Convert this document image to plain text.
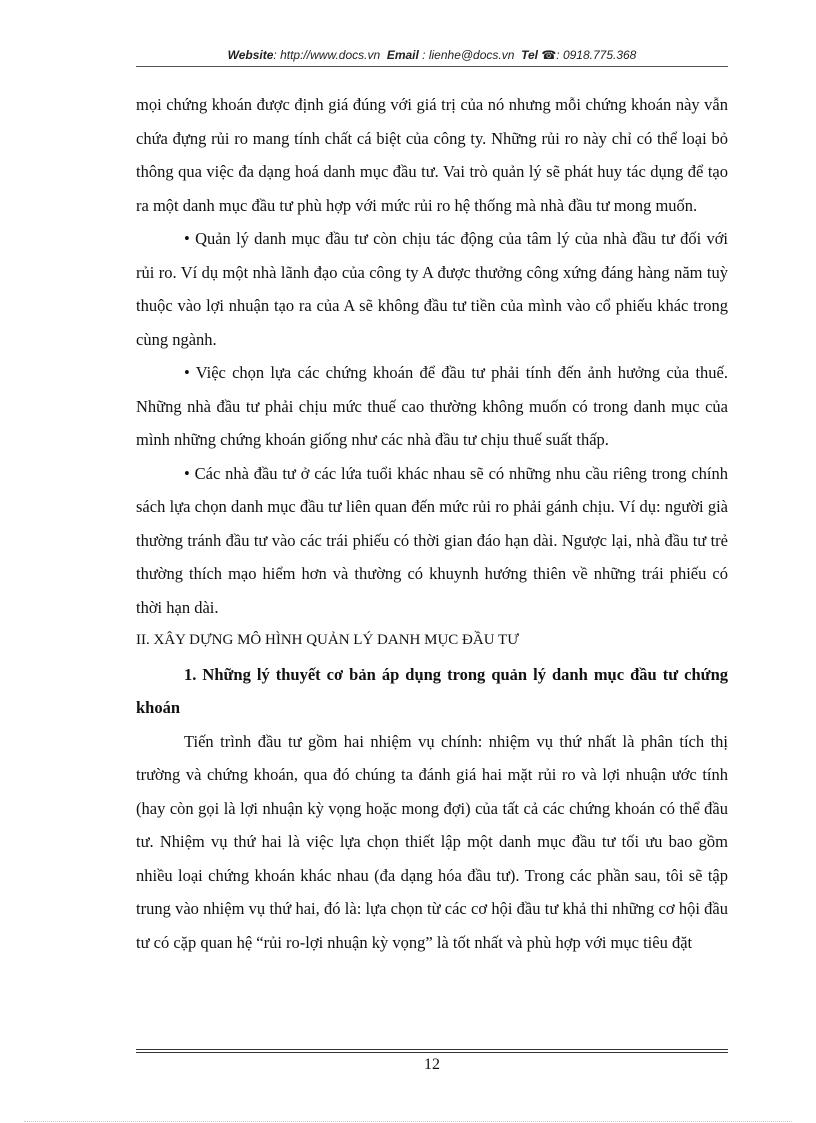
Website: http://www.docs.vn Email : lienhe@docs.vn Tel ☎: 0918.775.368

mọi chứng khoán được định giá đúng với giá trị của nó nhưng mỗi chứng khoán này vẫn chứa đựng rủi ro mang tính chất cá biệt của công ty. Những rủi ro này chỉ có thể loại bỏ thông qua việc đa dạng hoá danh mục đầu tư. Vai trò quản lý sẽ phát huy tác dụng để tạo ra một danh mục đầu tư phù hợp với mức rủi ro hệ thống mà nhà đầu tư mong muốn.

• Quản lý danh mục đầu tư còn chịu tác động của tâm lý của nhà đầu tư đối với rủi ro. Ví dụ một nhà lãnh đạo của công ty A được thưởng công xứng đáng hàng năm tuỳ thuộc vào lợi nhuận tạo ra của A sẽ không đầu tư tiền của mình vào cổ phiếu khác trong cùng ngành.

• Việc chọn lựa các chứng khoán để đầu tư phải tính đến ảnh hưởng của thuế. Những nhà đầu tư phải chịu mức thuế cao thường không muốn có trong danh mục của mình những chứng khoán giống như các nhà đầu tư chịu thuế suất thấp.

• Các nhà đầu tư ở các lứa tuổi khác nhau sẽ có những nhu cầu riêng trong chính sách lựa chọn danh mục đầu tư liên quan đến mức rủi ro phải gánh chịu. Ví dụ: người già thường tránh đầu tư vào các trái phiếu có thời gian đáo hạn dài. Ngược lại, nhà đầu tư trẻ thường thích mạo hiểm hơn và thường có khuynh hướng thiên về những trái phiếu có thời hạn dài.

II. XÂY DỰNG MÔ HÌNH QUẢN LÝ DANH MỤC ĐẦU TƯ

1. Những lý thuyết cơ bản áp dụng trong quản lý danh mục đầu tư chứng khoán

Tiến trình đầu tư gồm hai nhiệm vụ chính: nhiệm vụ thứ nhất là phân tích thị trường và chứng khoán, qua đó chúng ta đánh giá hai mặt rủi ro và lợi nhuận ước tính (hay còn gọi là lợi nhuận kỳ vọng hoặc mong đợi) của tất cả các chứng khoán có thể đầu tư. Nhiệm vụ thứ hai là việc lựa chọn thiết lập một danh mục đầu tư tối ưu bao gồm nhiều loại chứng khoán khác nhau (đa dạng hóa đầu tư). Trong các phần sau, tôi sẽ tập trung vào nhiệm vụ thứ hai, đó là: lựa chọn từ các cơ hội đầu tư khả thi những cơ hội đầu tư có cặp quan hệ “rủi ro-lợi nhuận kỳ vọng” là tốt nhất và phù hợp với mục tiêu đặt

12
